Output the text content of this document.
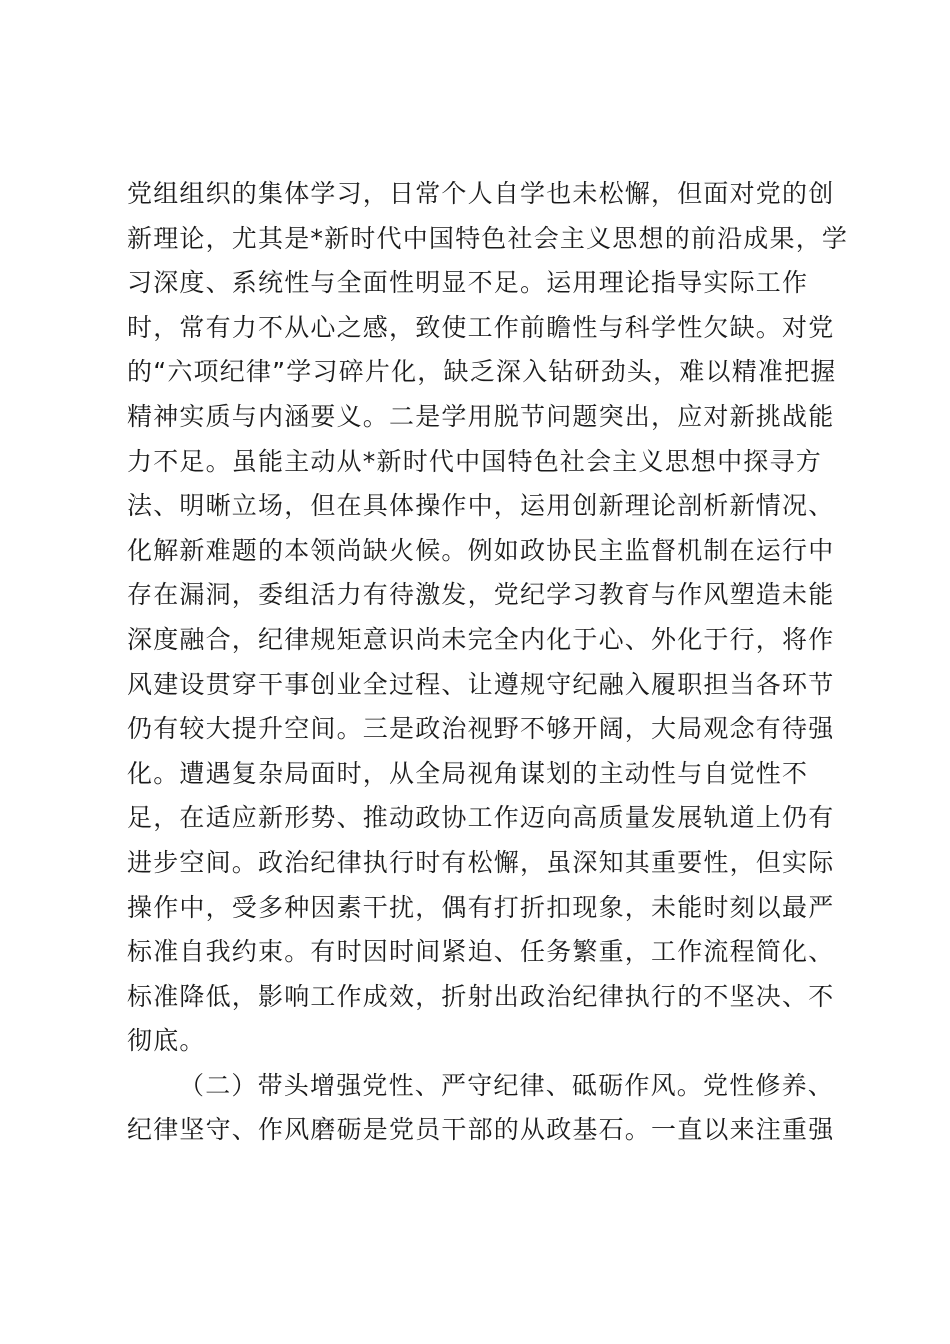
党组组织的集体学习，日常个人自学也未松懈，但面对党的创
新理论，尤其是*新时代中国特色社会主义思想的前沿成果，学
习深度、系统性与全面性明显不足。运用理论指导实际工作
时，常有力不从心之感，致使工作前瞻性与科学性欠缺。对党
的“六项纪律”学习碎片化，缺乏深入钻研劲头，难以精准把握
精神实质与内涵要义。二是学用脱节问题突出，应对新挑战能
力不足。虽能主动从*新时代中国特色社会主义思想中探寻方
法、明晰立场，但在具体操作中，运用创新理论剖析新情况、
化解新难题的本领尚缺火候。例如政协民主监督机制在运行中
存在漏洞，委组活力有待激发，党纪学习教育与作风塑造未能
深度融合，纪律规矩意识尚未完全内化于心、外化于行，将作
风建设贯穿干事创业全过程、让遵规守纪融入履职担当各环节
仍有较大提升空间。三是政治视野不够开阔，大局观念有待强
化。遭遇复杂局面时，从全局视角谋划的主动性与自觉性不
足，在适应新形势、推动政协工作迈向高质量发展轨道上仍有
进步空间。政治纪律执行时有松懈，虽深知其重要性，但实际
操作中，受多种因素干扰，偶有打折扣现象，未能时刻以最严
标准自我约束。有时因时间紧迫、任务繁重，工作流程简化、
标准降低，影响工作成效，折射出政治纪律执行的不坚决、不
彻底。
（二）带头增强党性、严守纪律、砥砺作风。党性修养、
纪律坚守、作风磨砺是党员干部的从政基石。一直以来注重强
